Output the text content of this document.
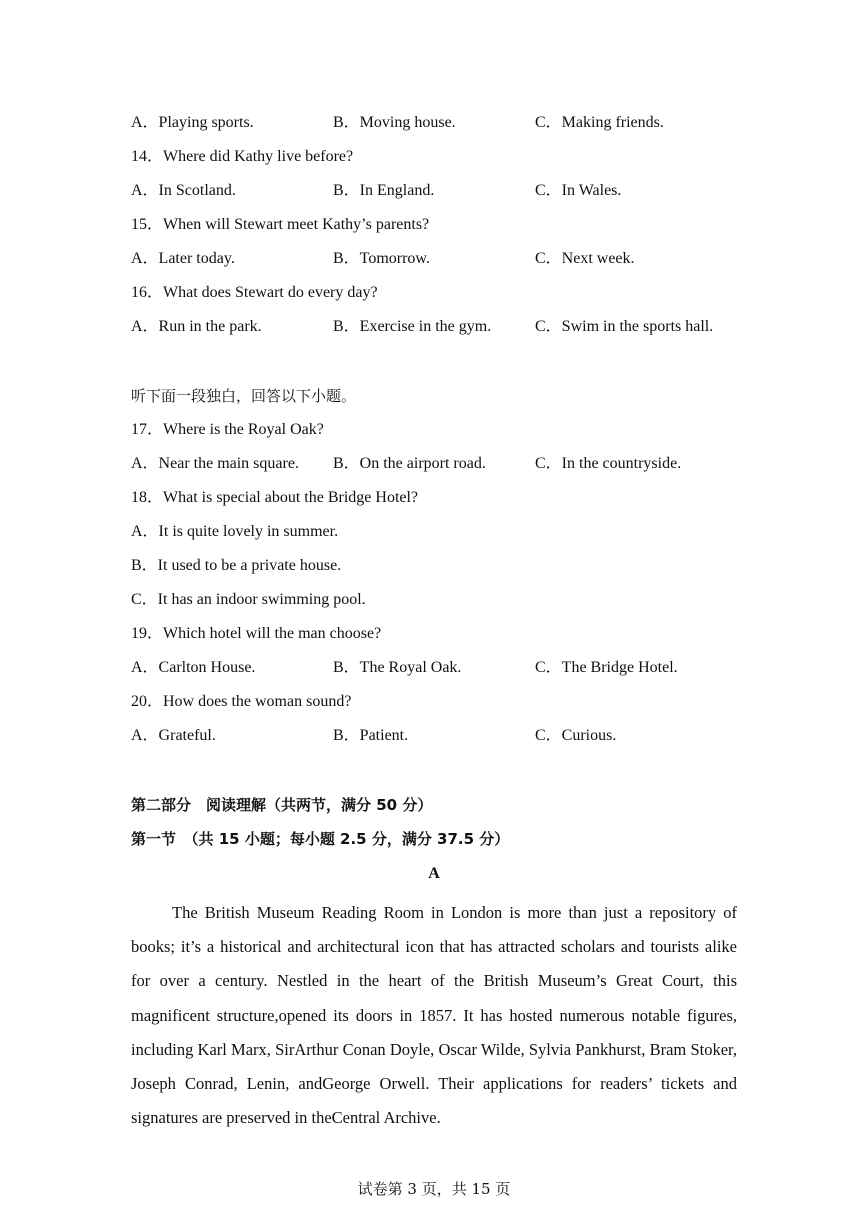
A．Playing sports.	B．Moving house.	C．Making friends.
14．Where did Kathy live before?
A．In Scotland.	B．In England.	C．In Wales.
15．When will Stewart meet Kathy’s parents?
A．Later today.	B．Tomorrow.	C．Next week.
16．What does Stewart do every day?
A．Run in the park.	B．Exercise in the gym.	C．Swim in the sports hall.
听下面一段独白，回答以下小题。
17．Where is the Royal Oak?
A．Near the main square. B．On the airport road.	C．In the countryside.
18．What is special about the Bridge Hotel?
A．It is quite lovely in summer.
B．It used to be a private house.
C．It has an indoor swimming pool.
19．Which hotel will the man choose?
A．Carlton House.	B．The Royal Oak.	C．The Bridge Hotel.
20．How does the woman sound?
A．Grateful.	B．Patient.	C．Curious.
第二部分　阅读理解（共两节，满分 50 分）
第一节　（共 15 小题；每小题 2.5 分，满分 37.5 分）
A

The British Museum Reading Room in London is more than just a repository of books; it’s a historical and architectural icon that has attracted scholars and tourists alike for over a century. Nestled in the heart of the British Museum’s Great Court, this magnificent structure,opened its doors in 1857. It has hosted numerous notable figures, including Karl Marx, SirArthur Conan Doyle, Oscar Wilde, Sylvia Pankhurst, Bram Stoker, Joseph Conrad, Lenin, andGeorge Orwell. Their applications for readers’ tickets and signatures are preserved in theCentral Archive.

试卷第 3 页，共 15 页
